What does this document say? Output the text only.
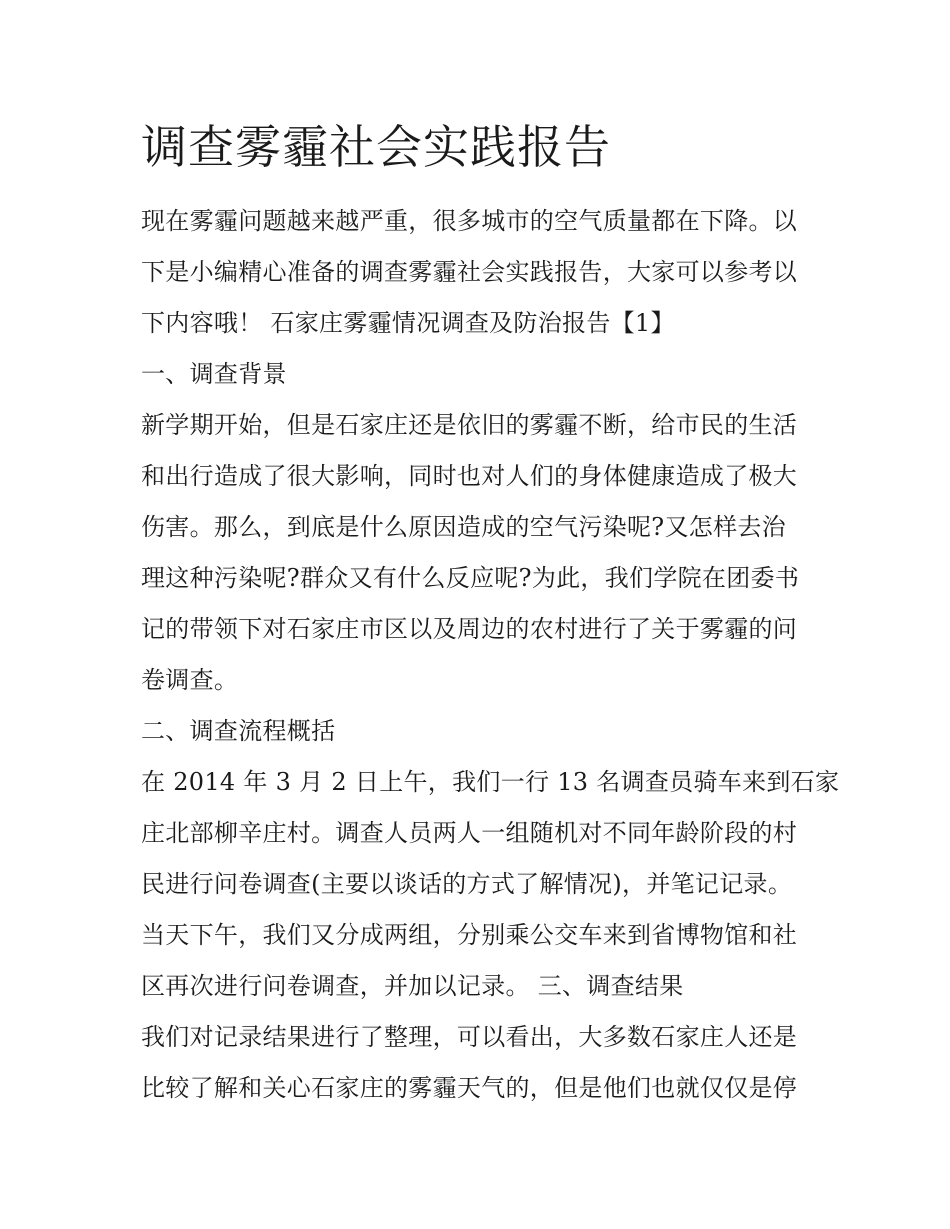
调查雾霾社会实践报告
现在雾霾问题越来越严重，很多城市的空气质量都在下降。以
下是小编精心准备的调查雾霾社会实践报告，大家可以参考以
下内容哦！ 石家庄雾霾情况调查及防治报告【1】
一、调查背景
新学期开始，但是石家庄还是依旧的雾霾不断，给市民的生活
和出行造成了很大影响，同时也对人们的身体健康造成了极大
伤害。那么，到底是什么原因造成的空气污染呢?又怎样去治
理这种污染呢?群众又有什么反应呢?为此，我们学院在团委书
记的带领下对石家庄市区以及周边的农村进行了关于雾霾的问
卷调查。
二、调查流程概括
在 2014 年 3 月 2 日上午，我们一行 13 名调查员骑车来到石家
庄北部柳辛庄村。调查人员两人一组随机对不同年龄阶段的村
民进行问卷调查(主要以谈话的方式了解情况)，并笔记记录。
当天下午，我们又分成两组，分别乘公交车来到省博物馆和社
区再次进行问卷调查，并加以记录。 三、调查结果
我们对记录结果进行了整理，可以看出，大多数石家庄人还是
比较了解和关心石家庄的雾霾天气的，但是他们也就仅仅是停
